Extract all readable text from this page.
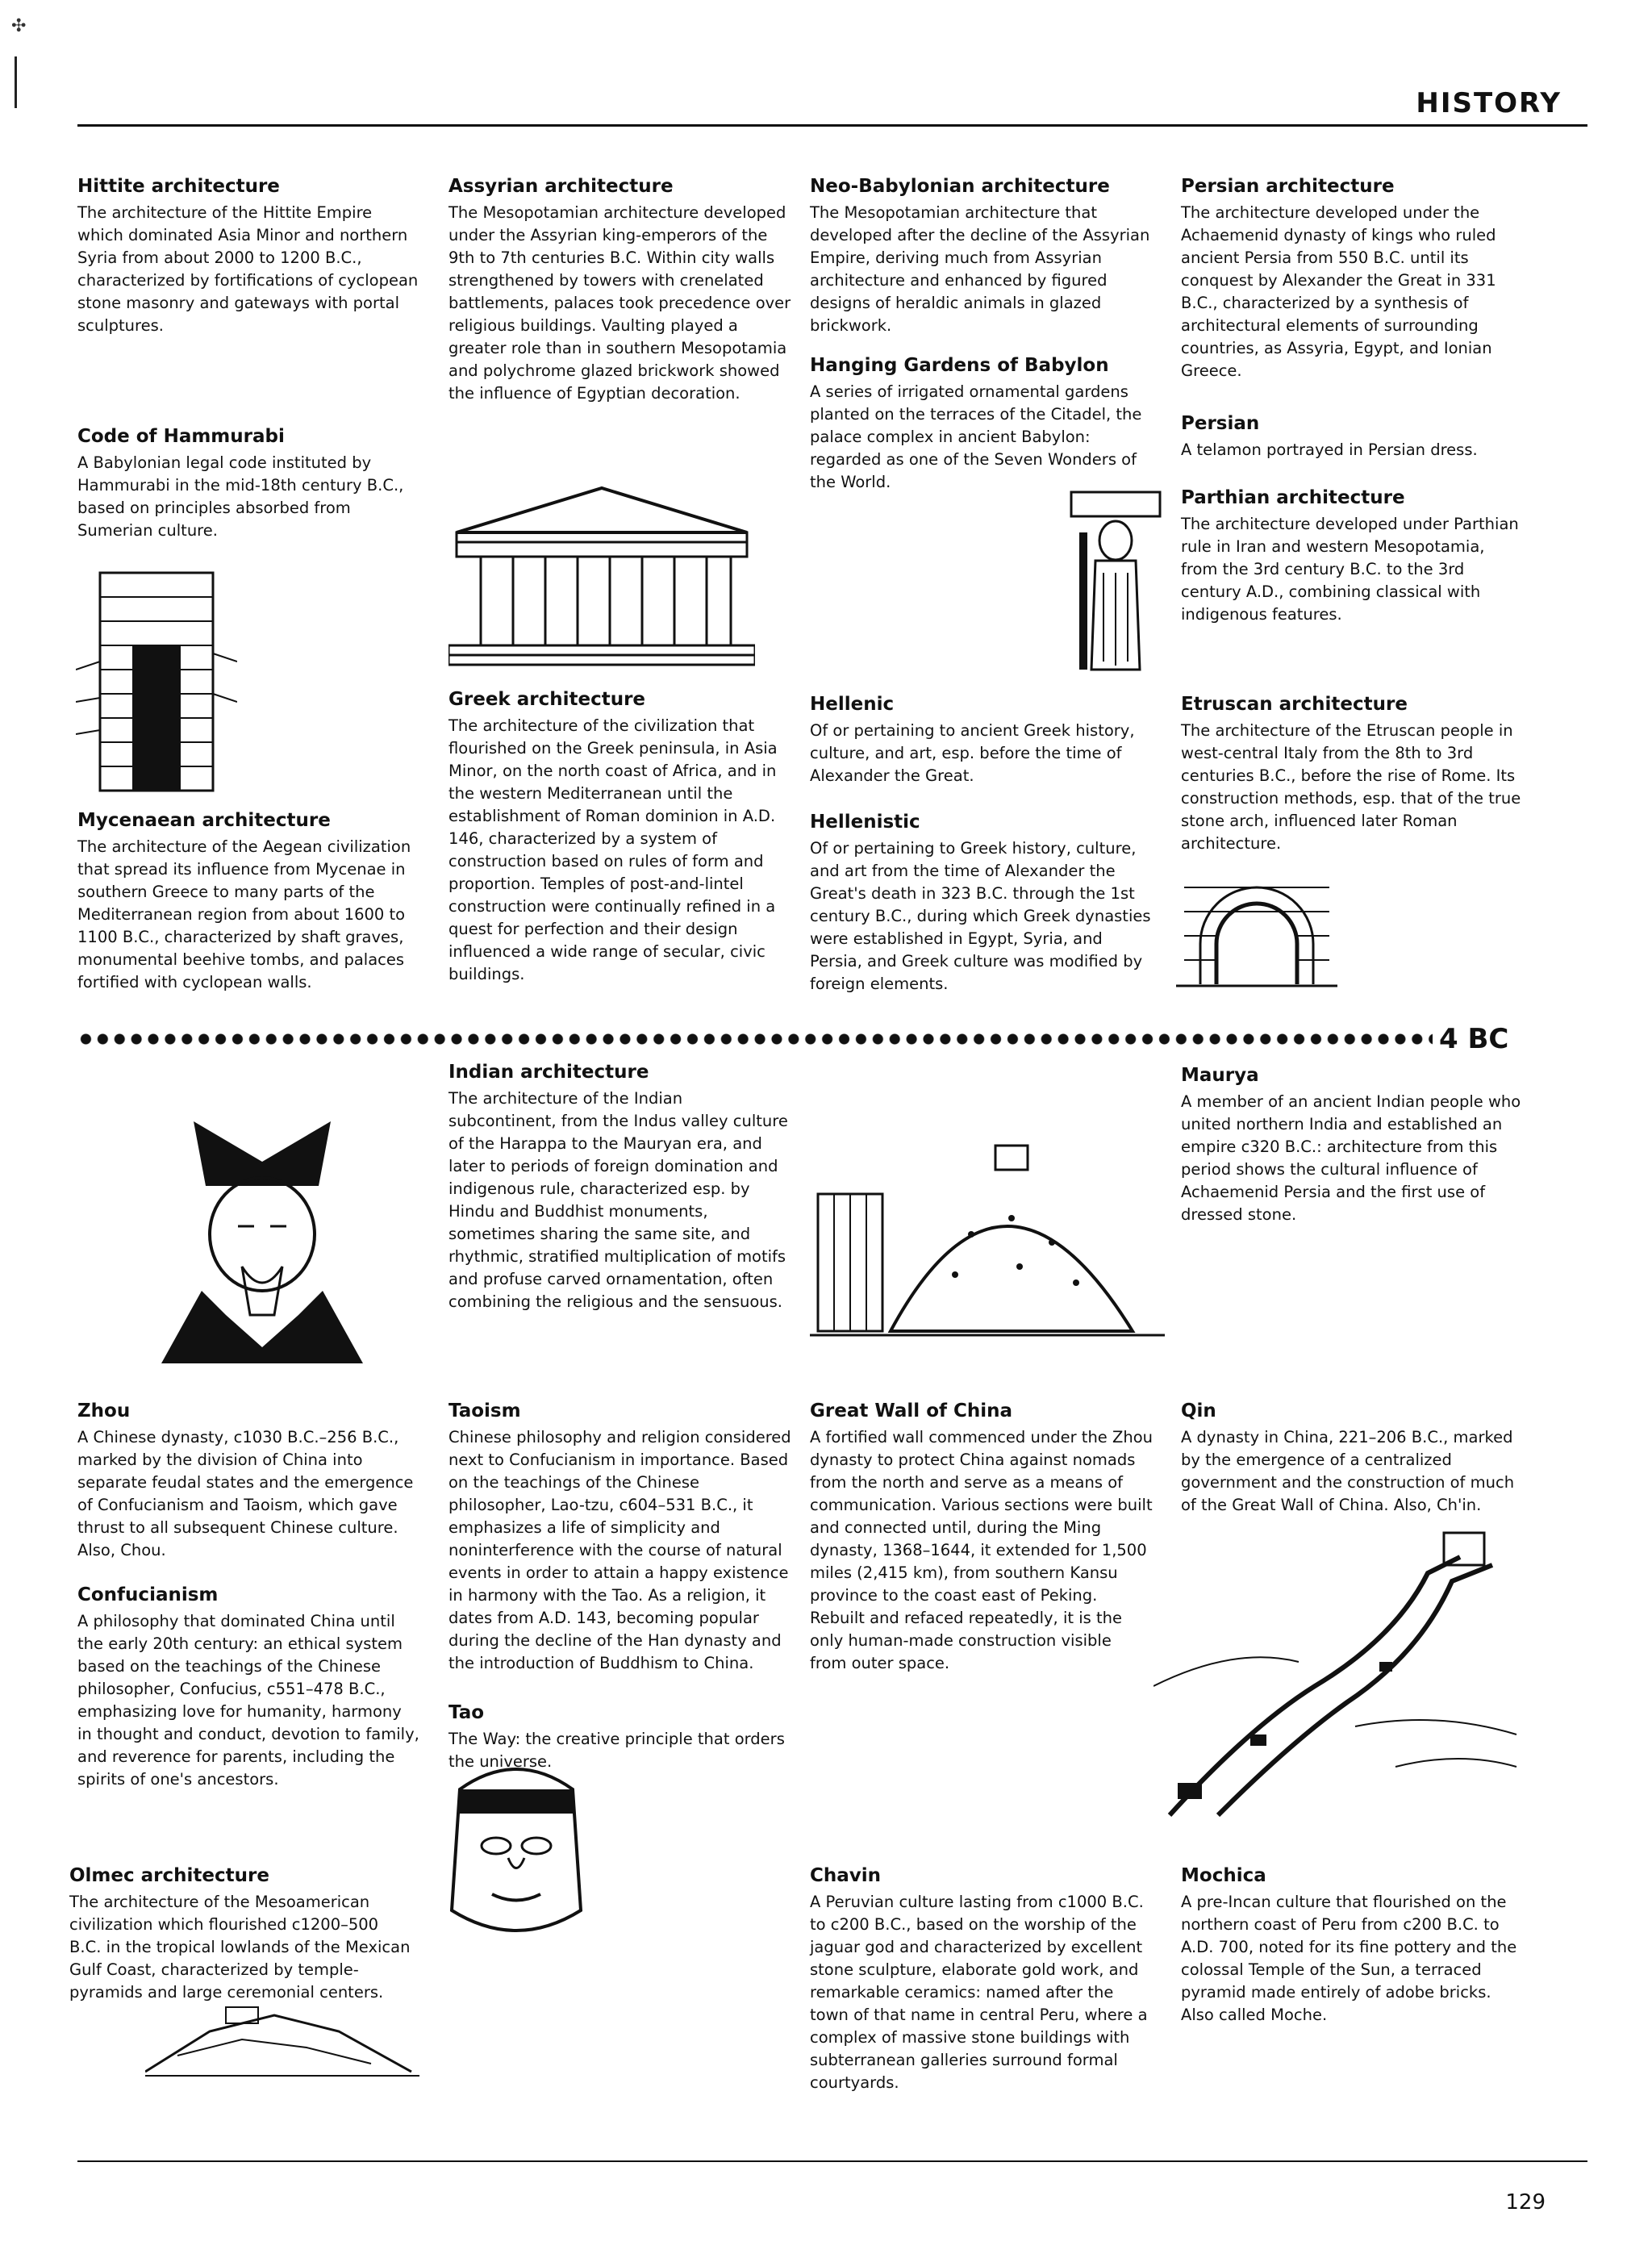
✣
HISTORY
Hittite architecture

The architecture of the Hittite Empire which dominated Asia Minor and northern Syria from about 2000 to 1200 B.C., characterized by fortifications of cyclopean stone masonry and gateways with portal sculptures.

Assyrian architecture

The Mesopotamian architecture developed under the Assyrian king-emperors of the 9th to 7th centuries B.C. Within city walls strengthened by towers with crenelated battlements, palaces took precedence over religious buildings. Vaulting played a greater role than in southern Mesopotamia and polychrome glazed brickwork showed the influence of Egyptian decoration.

Neo-Babylonian architecture

The Mesopotamian architecture that developed after the decline of the Assyrian Empire, deriving much from Assyrian architecture and enhanced by figured designs of heraldic animals in glazed brickwork.

Persian architecture

The architecture developed under the Achaemenid dynasty of kings who ruled ancient Persia from 550 B.C. until its conquest by Alexander the Great in 331 B.C., characterized by a synthesis of architectural elements of surrounding countries, as Assyria, Egypt, and Ionian Greece.

Code of Hammurabi

A Babylonian legal code instituted by Hammurabi in the mid-18th century B.C., based on principles absorbed from Sumerian culture.

Hanging Gardens of Babylon

A series of irrigated ornamental gardens planted on the terraces of the Citadel, the palace complex in ancient Babylon: regarded as one of the Seven Wonders of the World.

Persian

A telamon portrayed in Persian dress.

Parthian architecture

The architecture developed under Parthian rule in Iran and western Mesopotamia, from the 3rd century B.C. to the 3rd century A.D., combining classical with indigenous features.

Greek architecture

The architecture of the civilization that flourished on the Greek peninsula, in Asia Minor, on the north coast of Africa, and in the western Mediterranean until the establishment of Roman dominion in A.D. 146, characterized by a system of construction based on rules of form and proportion. Temples of post-and-lintel construction were continually refined in a quest for perfection and their design influenced a wide range of secular, civic buildings.

Hellenic

Of or pertaining to ancient Greek history, culture, and art, esp. before the time of Alexander the Great.

Hellenistic

Of or pertaining to Greek history, culture, and art from the time of Alexander the Great's death in 323 B.C. through the 1st century B.C., during which Greek dynasties were established in Egypt, Syria, and Persia, and Greek culture was modified by foreign elements.

Etruscan architecture

The architecture of the Etruscan people in west-central Italy from the 8th to 3rd centuries B.C., before the rise of Rome. Its construction methods, esp. that of the true stone arch, influenced later Roman architecture.

Mycenaean architecture

The architecture of the Aegean civilization that spread its influence from Mycenae in southern Greece to many parts of the Mediterranean region from about 1600 to 1100 B.C., characterized by shaft graves, monumental beehive tombs, and palaces fortified with cyclopean walls.

4 BC
Indian architecture

The architecture of the Indian subcontinent, from the Indus valley culture of the Harappa to the Mauryan era, and later to periods of foreign domination and indigenous rule, characterized esp. by Hindu and Buddhist monuments, sometimes sharing the same site, and rhythmic, stratified multiplication of motifs and profuse carved ornamentation, often combining the religious and the sensuous.

Maurya

A member of an ancient Indian people who united northern India and established an empire c320 B.C.: architecture from this period shows the cultural influence of Achaemenid Persia and the first use of dressed stone.

Zhou

A Chinese dynasty, c1030 B.C.–256 B.C., marked by the division of China into separate feudal states and the emergence of Confucianism and Taoism, which gave thrust to all subsequent Chinese culture. Also, Chou.

Taoism

Chinese philosophy and religion considered next to Confucianism in importance. Based on the teachings of the Chinese philosopher, Lao-tzu, c604–531 B.C., it emphasizes a life of simplicity and noninterference with the course of natural events in order to attain a happy existence in harmony with the Tao. As a religion, it dates from A.D. 143, becoming popular during the decline of the Han dynasty and the introduction of Buddhism to China.

Great Wall of China

A fortified wall commenced under the Zhou dynasty to protect China against nomads from the north and serve as a means of communication. Various sections were built and connected until, during the Ming dynasty, 1368–1644, it extended for 1,500 miles (2,415 km), from southern Kansu province to the coast east of Peking. Rebuilt and refaced repeatedly, it is the only human-made construction visible from outer space.

Qin

A dynasty in China, 221–206 B.C., marked by the emergence of a centralized government and the construction of much of the Great Wall of China. Also, Ch'in.

Confucianism

A philosophy that dominated China until the early 20th century: an ethical system based on the teachings of the Chinese philosopher, Confucius, c551–478 B.C., emphasizing love for humanity, harmony in thought and conduct, devotion to family, and reverence for parents, including the spirits of one's ancestors.

Tao

The Way: the creative principle that orders the universe.

Olmec architecture

The architecture of the Mesoamerican civilization which flourished c1200–500 B.C. in the tropical lowlands of the Mexican Gulf Coast, characterized by temple-pyramids and large ceremonial centers.

Chavin

A Peruvian culture lasting from c1000 B.C. to c200 B.C., based on the worship of the jaguar god and characterized by excellent stone sculpture, elaborate gold work, and remarkable ceramics: named after the town of that name in central Peru, where a complex of massive stone buildings with subterranean galleries surround formal courtyards.

Mochica

A pre-Incan culture that flourished on the northern coast of Peru from c200 B.C. to A.D. 700, noted for its fine pottery and the colossal Temple of the Sun, a terraced pyramid made entirely of adobe bricks. Also called Moche.

129
